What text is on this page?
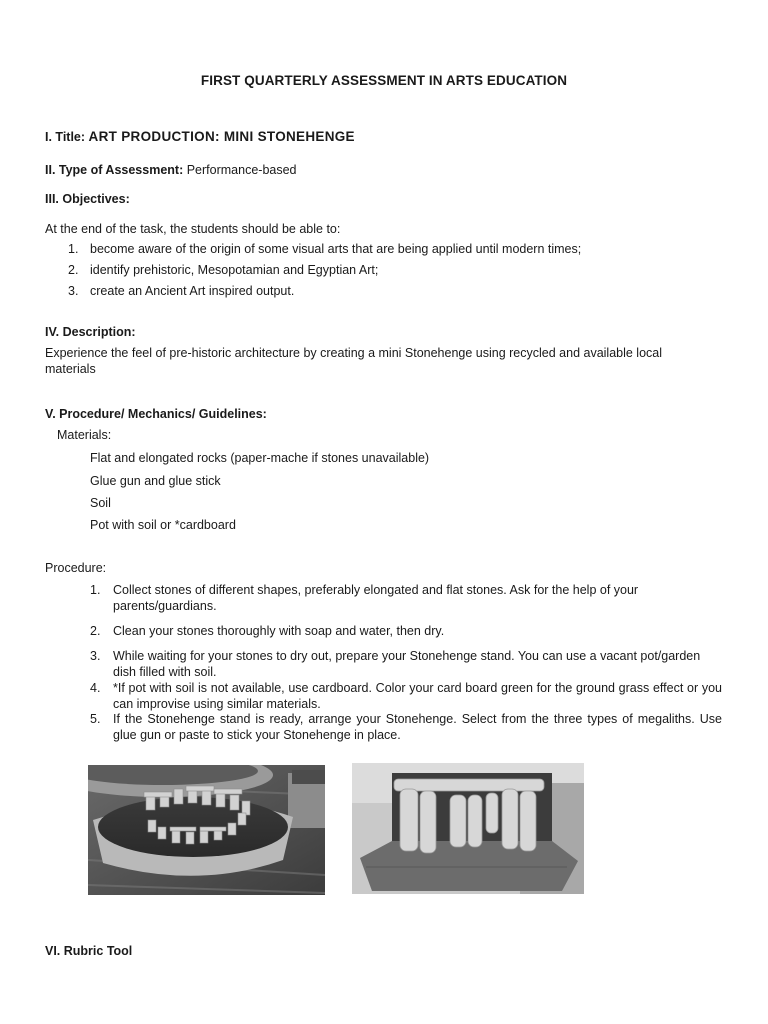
FIRST QUARTERLY ASSESSMENT IN ARTS EDUCATION
I. Title: ART PRODUCTION: MINI STONEHENGE
II. Type of Assessment: Performance-based
III. Objectives:
At the end of the task, the students should be able to:
1. become aware of the origin of some visual arts that are being applied until modern times;
2. identify prehistoric, Mesopotamian and Egyptian Art;
3. create an Ancient Art inspired output.
IV. Description:
Experience the feel of pre-historic architecture by creating a mini Stonehenge using recycled and available local materials
V. Procedure/ Mechanics/ Guidelines:
Materials:
Flat and elongated rocks (paper-mache if stones unavailable)
Glue gun and glue stick
Soil
Pot with soil or *cardboard
Procedure:
1. Collect stones of different shapes, preferably elongated and flat stones. Ask for the help of your parents/guardians.
2. Clean your stones thoroughly with soap and water, then dry.
3. While waiting for your stones to dry out, prepare your Stonehenge stand. You can use a vacant pot/garden dish filled with soil.
4. *If pot with soil is not available, use cardboard. Color your card board green for the ground grass effect or you can improvise using similar materials.
5. If the Stonehenge stand is ready, arrange your Stonehenge. Select from the three types of megaliths. Use glue gun or paste to stick your Stonehenge in place.
VI. Rubric Tool
